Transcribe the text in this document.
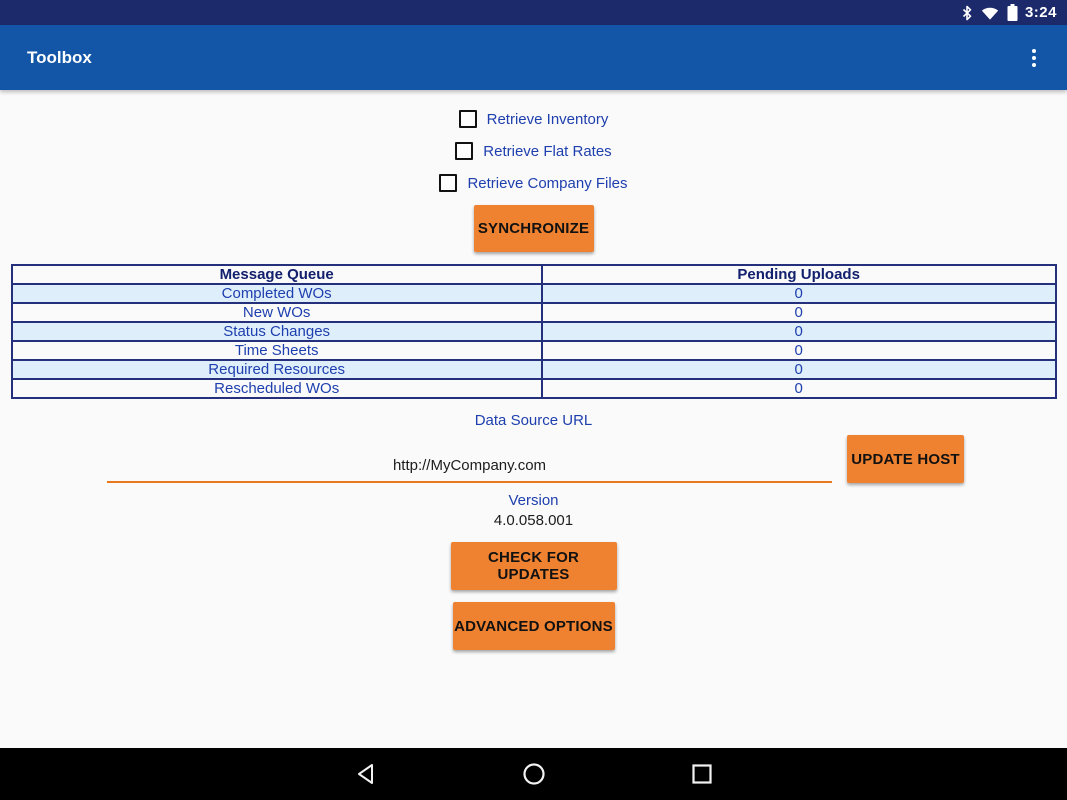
3:24
Toolbox
Retrieve Inventory
Retrieve Flat Rates
Retrieve Company Files
SYNCHRONIZE
Message Queue	Pending Uploads
Completed WOs	0
New WOs	0
Status Changes	0
Time Sheets	0
Required Resources	0
Rescheduled WOs	0
Data Source URL
http://MyCompany.com
UPDATE HOST
Version
4.0.058.001
CHECK FOR UPDATES
ADVANCED OPTIONS
